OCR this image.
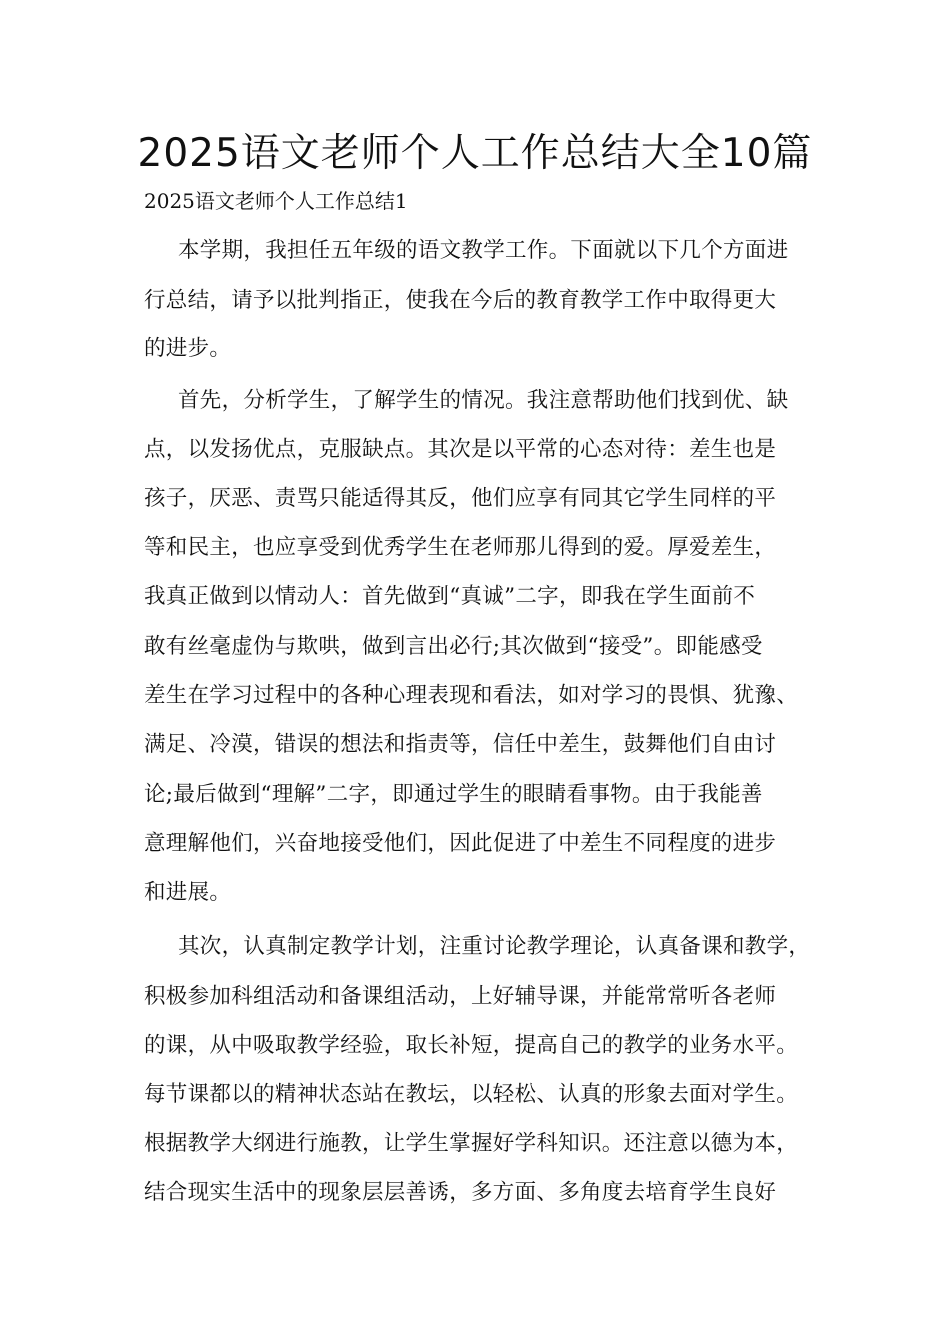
2025语文老师个人工作总结大全10篇
2025语文老师个人工作总结1
本学期，我担任五年级的语文教学工作。下面就以下几个方面进
行总结，请予以批判指正，使我在今后的教育教学工作中取得更大
的进步。
首先，分析学生，了解学生的情况。我注意帮助他们找到优、缺
点，以发扬优点，克服缺点。其次是以平常的心态对待：差生也是
孩子，厌恶、责骂只能适得其反，他们应享有同其它学生同样的平
等和民主，也应享受到优秀学生在老师那儿得到的爱。厚爱差生，
我真正做到以情动人：首先做到“真诚”二字，即我在学生面前不
敢有丝毫虚伪与欺哄，做到言出必行;其次做到“接受”。即能感受
差生在学习过程中的各种心理表现和看法，如对学习的畏惧、犹豫、
满足、冷漠，错误的想法和指责等，信任中差生，鼓舞他们自由讨
论;最后做到“理解”二字，即通过学生的眼睛看事物。由于我能善
意理解他们，兴奋地接受他们，因此促进了中差生不同程度的进步
和进展。
其次，认真制定教学计划，注重讨论教学理论，认真备课和教学，
积极参加科组活动和备课组活动，上好辅导课，并能常常听各老师
的课，从中吸取教学经验，取长补短，提高自己的教学的业务水平。
每节课都以的精神状态站在教坛，以轻松、认真的形象去面对学生。
根据教学大纲进行施教，让学生掌握好学科知识。还注意以德为本，
结合现实生活中的现象层层善诱，多方面、多角度去培育学生良好
